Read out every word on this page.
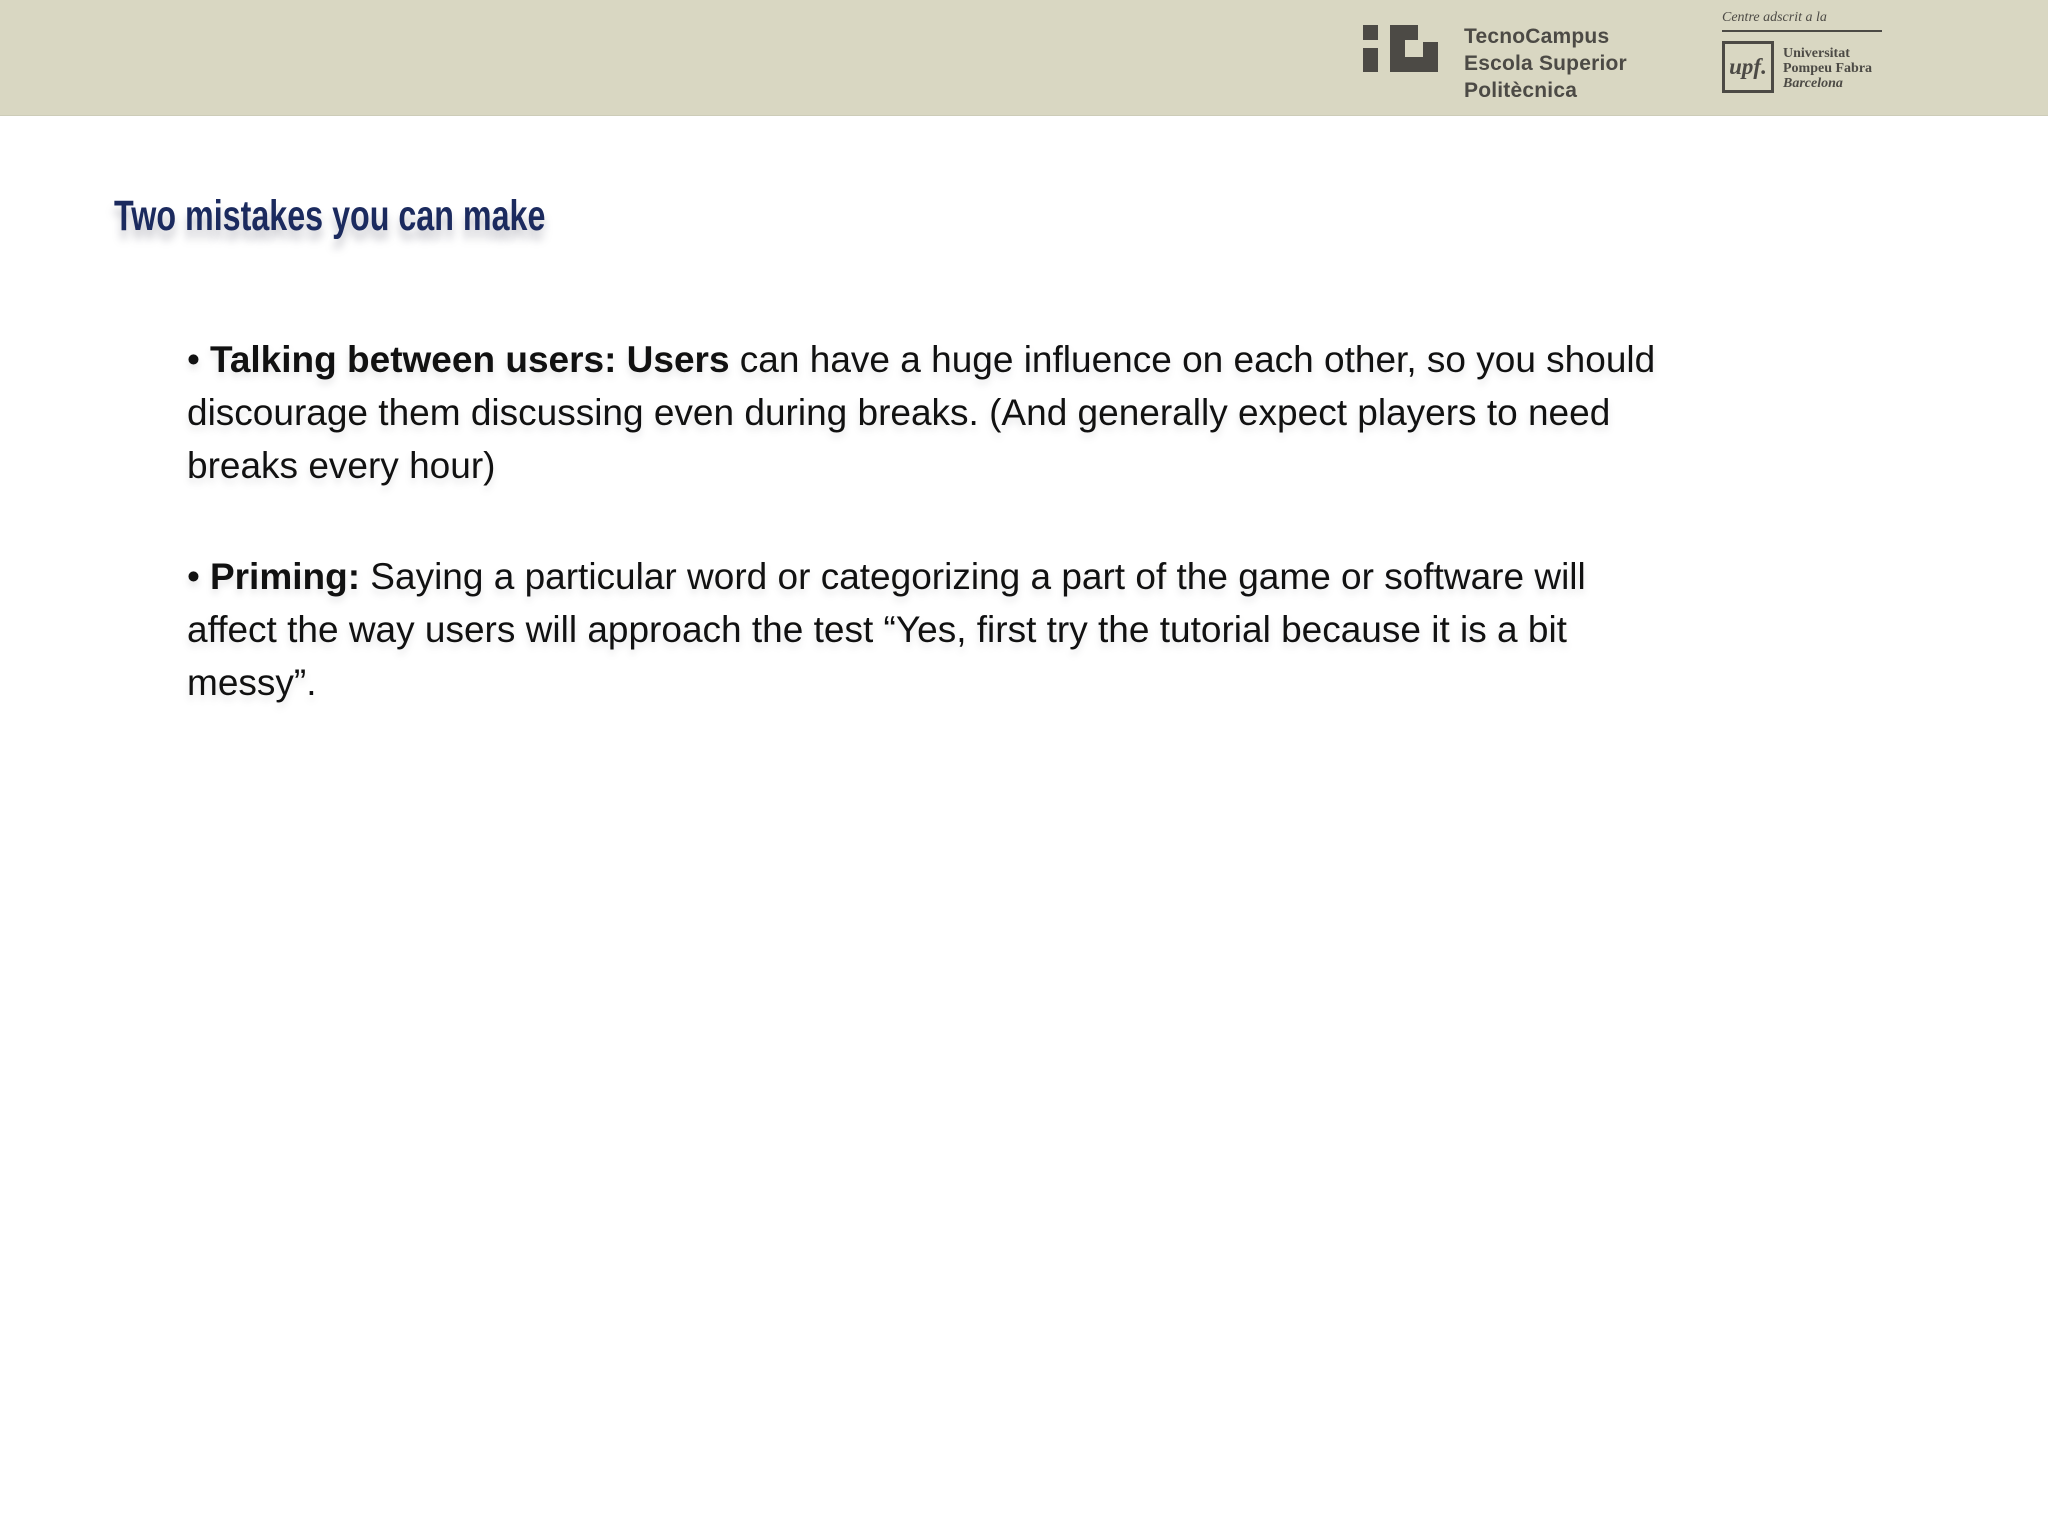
TecnoCampus
Escola Superior
Politècnica
Centre adscrit a la
upf.
Universitat
Pompeu Fabra
Barcelona
Two mistakes you can make

• Talking between users: Users can have a huge influence on each other, so you should
discourage them discussing even during breaks. (And generally expect players to need
breaks every hour)

• Priming: Saying a particular word or categorizing a part of the game or software will
affect the way users will approach the test “Yes, first try the tutorial because it is a bit
messy”.
